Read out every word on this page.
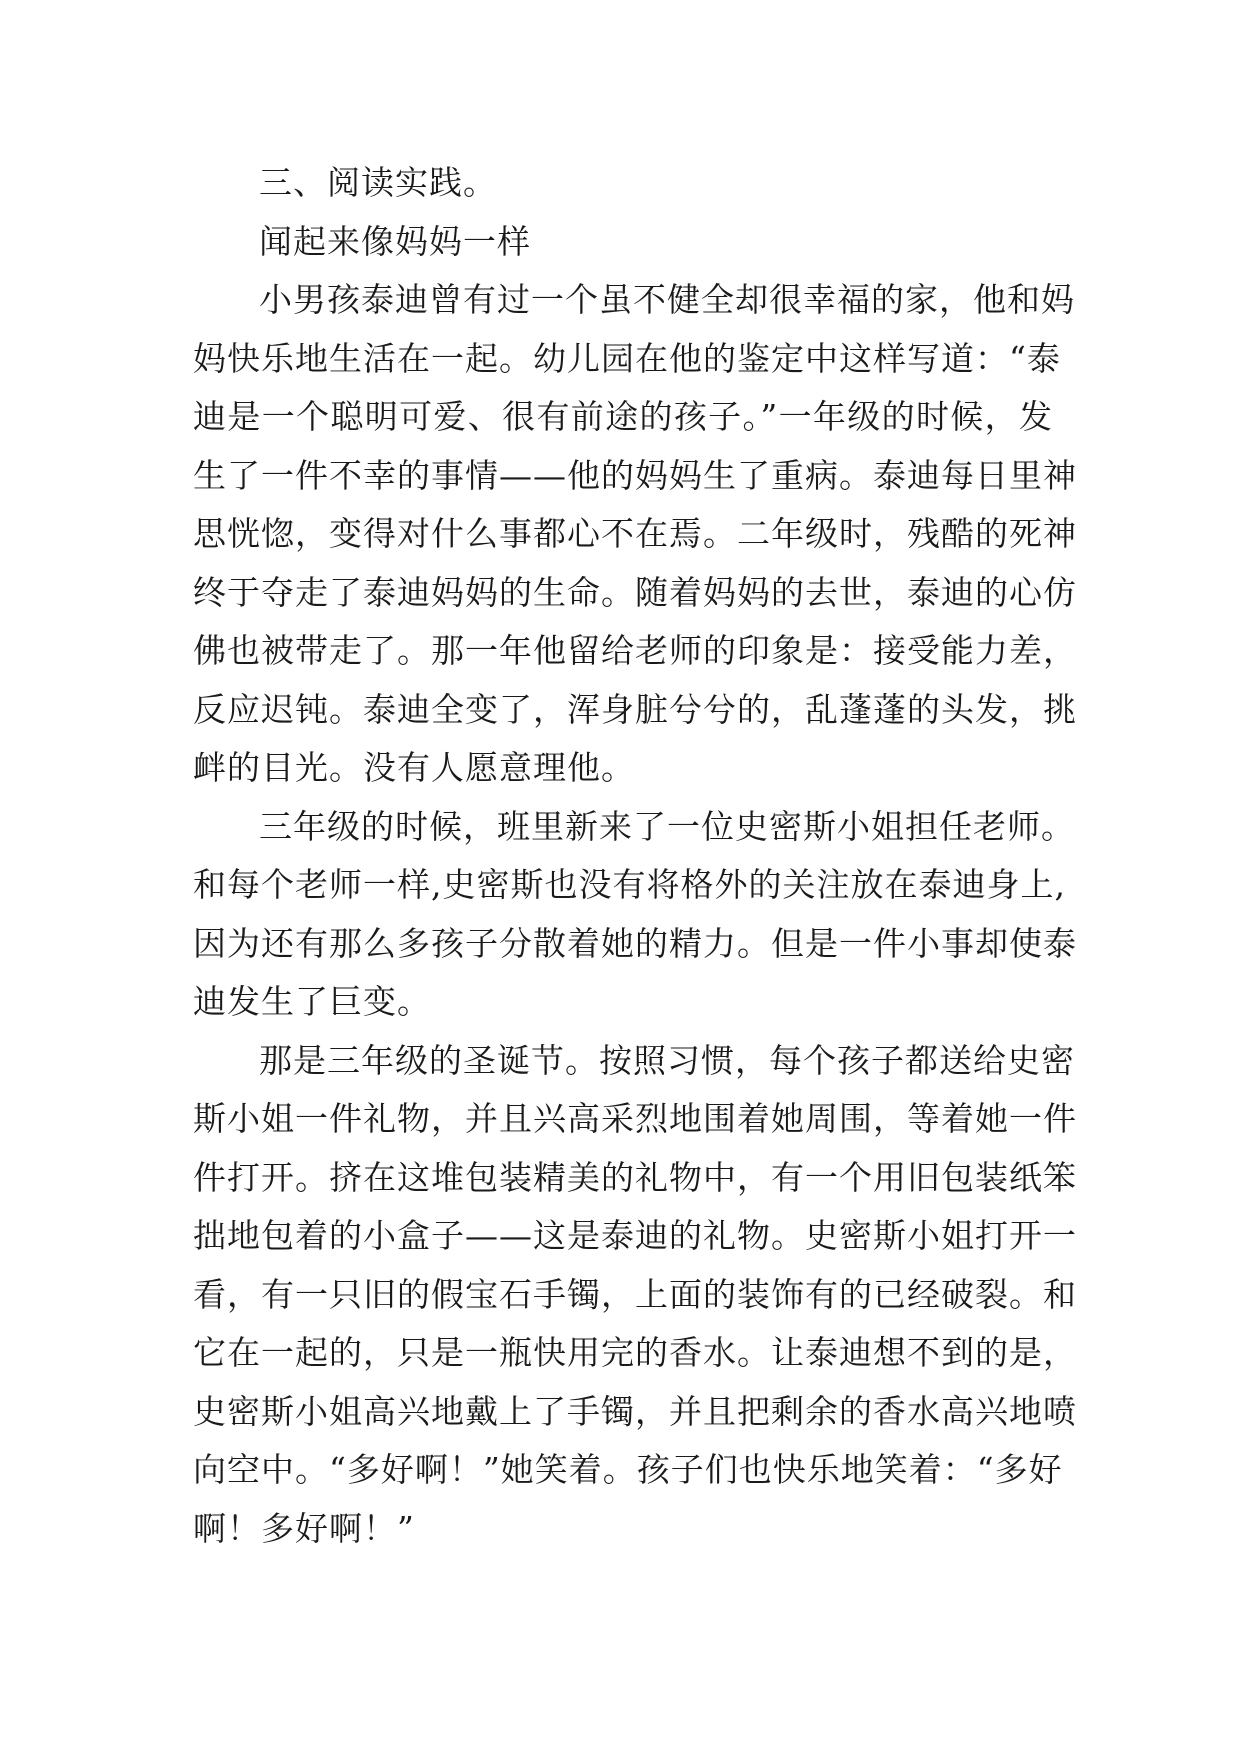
三、阅读实践。
闻起来像妈妈一样
小男孩泰迪曾有过一个虽不健全却很幸福的家，他和妈
妈快乐地生活在一起。幼儿园在他的鉴定中这样写道：“泰
迪是一个聪明可爱、很有前途的孩子。”一年级的时候，发
生了一件不幸的事情——他的妈妈生了重病。泰迪每日里神
思恍惚，变得对什么事都心不在焉。二年级时，残酷的死神
终于夺走了泰迪妈妈的生命。随着妈妈的去世，泰迪的心仿
佛也被带走了。那一年他留给老师的印象是：接受能力差，
反应迟钝。泰迪全变了，浑身脏兮兮的，乱蓬蓬的头发，挑
衅的目光。没有人愿意理他。
三年级的时候，班里新来了一位史密斯小姐担任老师。
和每个老师一样,史密斯也没有将格外的关注放在泰迪身上,
因为还有那么多孩子分散着她的精力。但是一件小事却使泰
迪发生了巨变。
那是三年级的圣诞节。按照习惯，每个孩子都送给史密
斯小姐一件礼物，并且兴高采烈地围着她周围，等着她一件
件打开。挤在这堆包装精美的礼物中，有一个用旧包装纸笨
拙地包着的小盒子——这是泰迪的礼物。史密斯小姐打开一
看，有一只旧的假宝石手镯，上面的装饰有的已经破裂。和
它在一起的，只是一瓶快用完的香水。让泰迪想不到的是，
史密斯小姐高兴地戴上了手镯，并且把剩余的香水高兴地喷
向空中。“多好啊！”她笑着。孩子们也快乐地笑着：“多好
啊！多好啊！”
